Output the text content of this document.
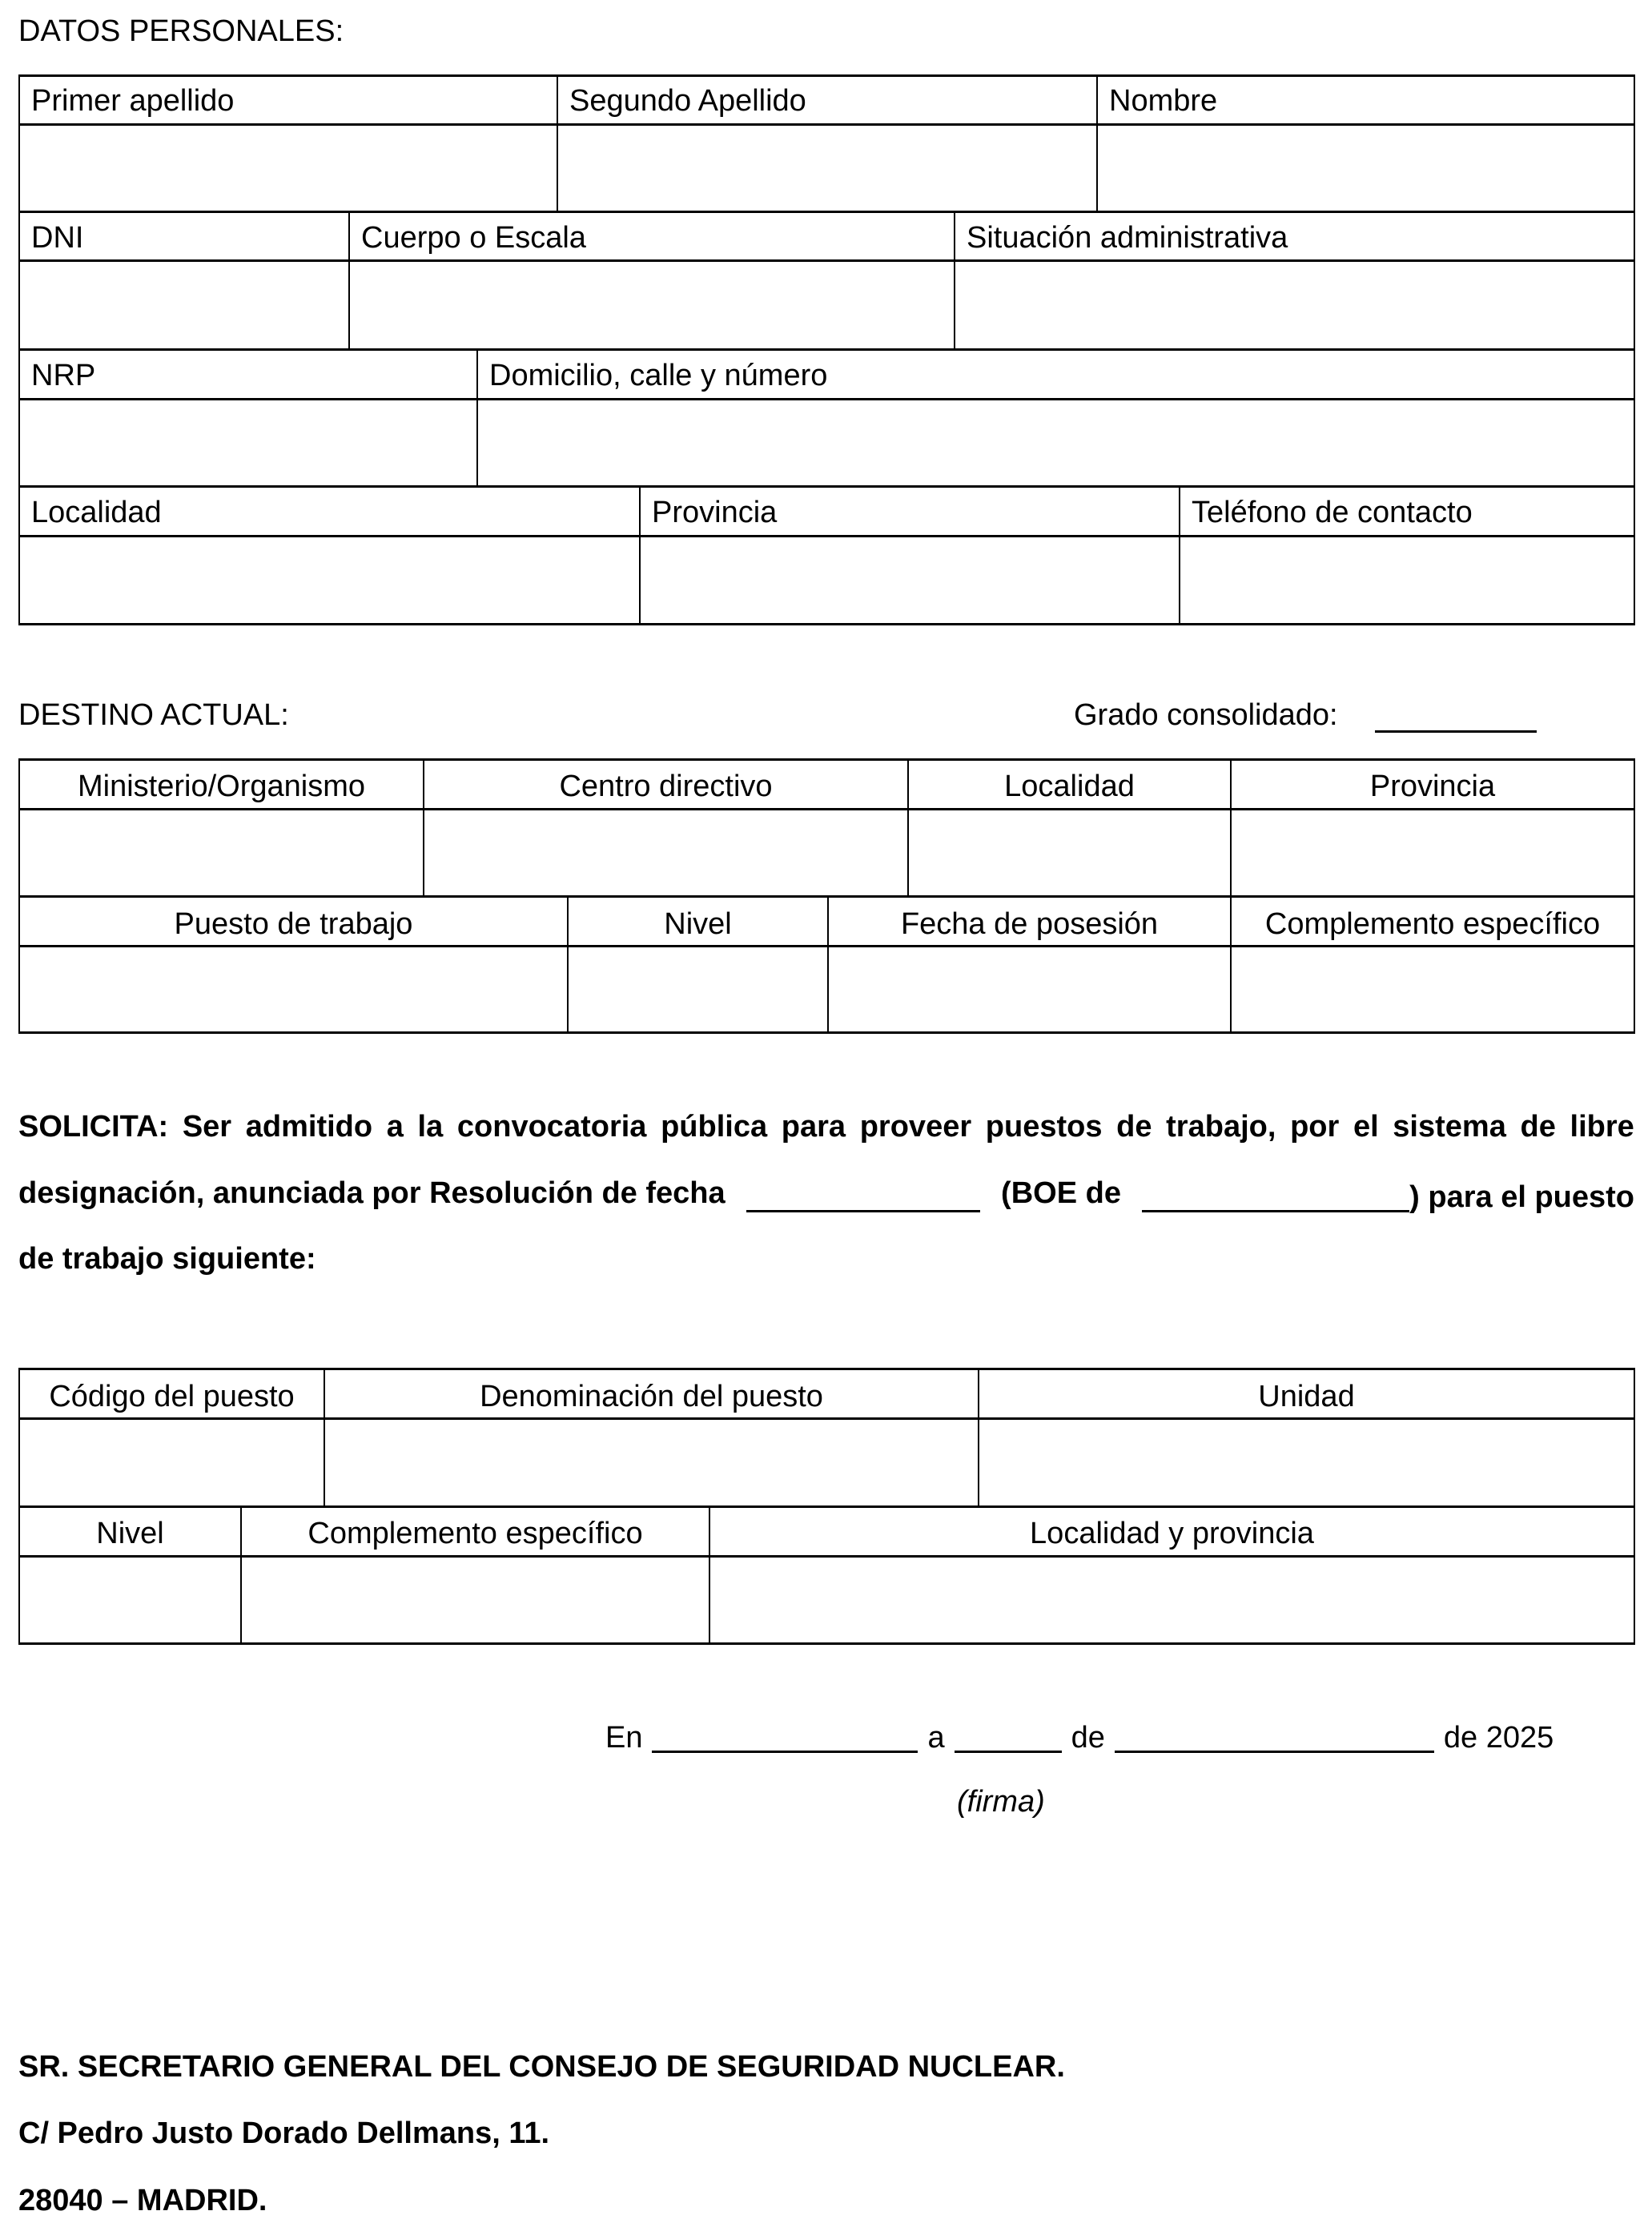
DATOS PERSONALES:
Primer apellido	Segundo Apellido	Nombre
DNI	Cuerpo o Escala	Situación administrativa
NRP	Domicilio, calle y número
Localidad	Provincia	Teléfono de contacto
DESTINO ACTUAL:	Grado consolidado:
Ministerio/Organismo	Centro directivo	Localidad	Provincia
Puesto de trabajo	Nivel	Fecha de posesión	Complemento específico
SOLICITA: Ser admitido a la convocatoria pública para proveer puestos de trabajo, por el sistema de libre
designación, anunciada por Resolución de fecha	(BOE de	) para el puesto
de trabajo siguiente:
Código del puesto	Denominación del puesto	Unidad
Nivel	Complemento específico	Localidad y provincia
En	a	de	de 2025
(firma)
SR. SECRETARIO GENERAL DEL CONSEJO DE SEGURIDAD NUCLEAR.
C/ Pedro Justo Dorado Dellmans, 11.
28040 – MADRID.
